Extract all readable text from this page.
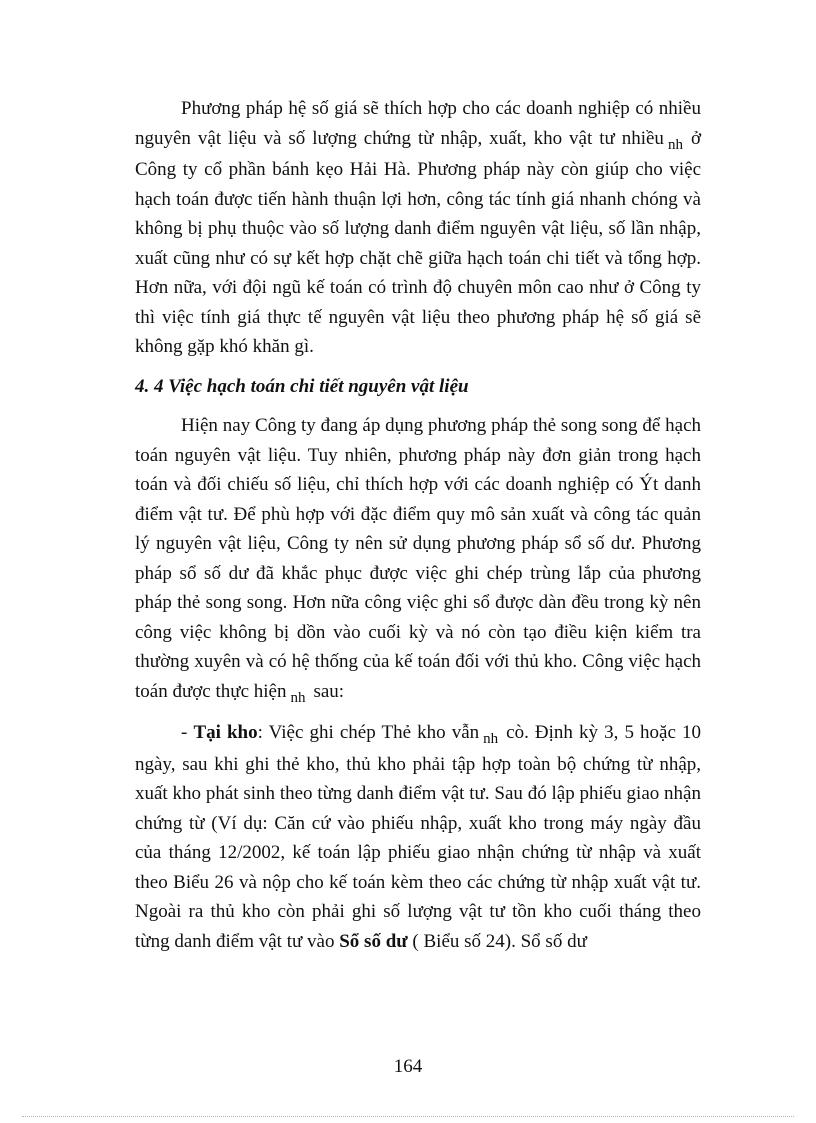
Phương pháp hệ số giá sẽ thích hợp cho các doanh nghiệp có nhiều nguyên vật liệu và số lượng chứng từ nhập, xuất, kho vật tư nhiều $_{nh}$ ở Công ty cổ phần bánh kẹo Hải Hà. Phương pháp này còn giúp cho việc hạch toán được tiến hành thuận lợi hơn, công tác tính giá nhanh chóng và không bị phụ thuộc vào số lượng danh điểm nguyên vật liệu, số lần nhập, xuất cũng như có sự kết hợp chặt chẽ giữa hạch toán chi tiết và tổng hợp. Hơn nữa, với đội ngũ kế toán có trình độ chuyên môn cao như ở Công ty thì việc tính giá thực tế nguyên vật liệu theo phương pháp hệ số giá sẽ không gặp khó khăn gì.

4. 4 Việc hạch toán chi tiết nguyên vật liệu

Hiện nay Công ty đang áp dụng phương pháp thẻ song song để hạch toán nguyên vật liệu. Tuy nhiên, phương pháp này đơn giản trong hạch toán và đối chiếu số liệu, chỉ thích hợp với các doanh nghiệp có Ýt danh điểm vật tư. Để phù hợp với đặc điểm quy mô sản xuất và công tác quản lý nguyên vật liệu, Công ty nên sử dụng phương pháp sổ số dư. Phương pháp sổ số dư đã khắc phục được việc ghi chép trùng lắp của phương pháp thẻ song song. Hơn nữa công việc ghi sổ được dàn đều trong kỳ nên công việc không bị dồn vào cuối kỳ và nó còn tạo điều kiện kiểm tra thường xuyên và có hệ thống của kế toán đối với thủ kho. Công việc hạch toán được thực hiện $_{nh}$ sau:

- Tại kho: Việc ghi chép Thẻ kho vẫn $_{nh}$ cò. Định kỳ 3, 5 hoặc 10 ngày, sau khi ghi thẻ kho, thủ kho phải tập hợp toàn bộ chứng từ nhập, xuất kho phát sinh theo từng danh điểm vật tư. Sau đó lập phiếu giao nhận chứng từ (Ví dụ: Căn cứ vào phiếu nhập, xuất kho trong máy ngày đầu của tháng 12/2002, kế toán lập phiếu giao nhận chứng từ nhập và xuất theo Biểu 26 và nộp cho kế toán kèm theo các chứng từ nhập xuất vật tư. Ngoài ra thủ kho còn phải ghi số lượng vật tư tồn kho cuối tháng theo từng danh điểm vật tư vào Sổ số dư ( Biểu số 24). Sổ số dư

164
